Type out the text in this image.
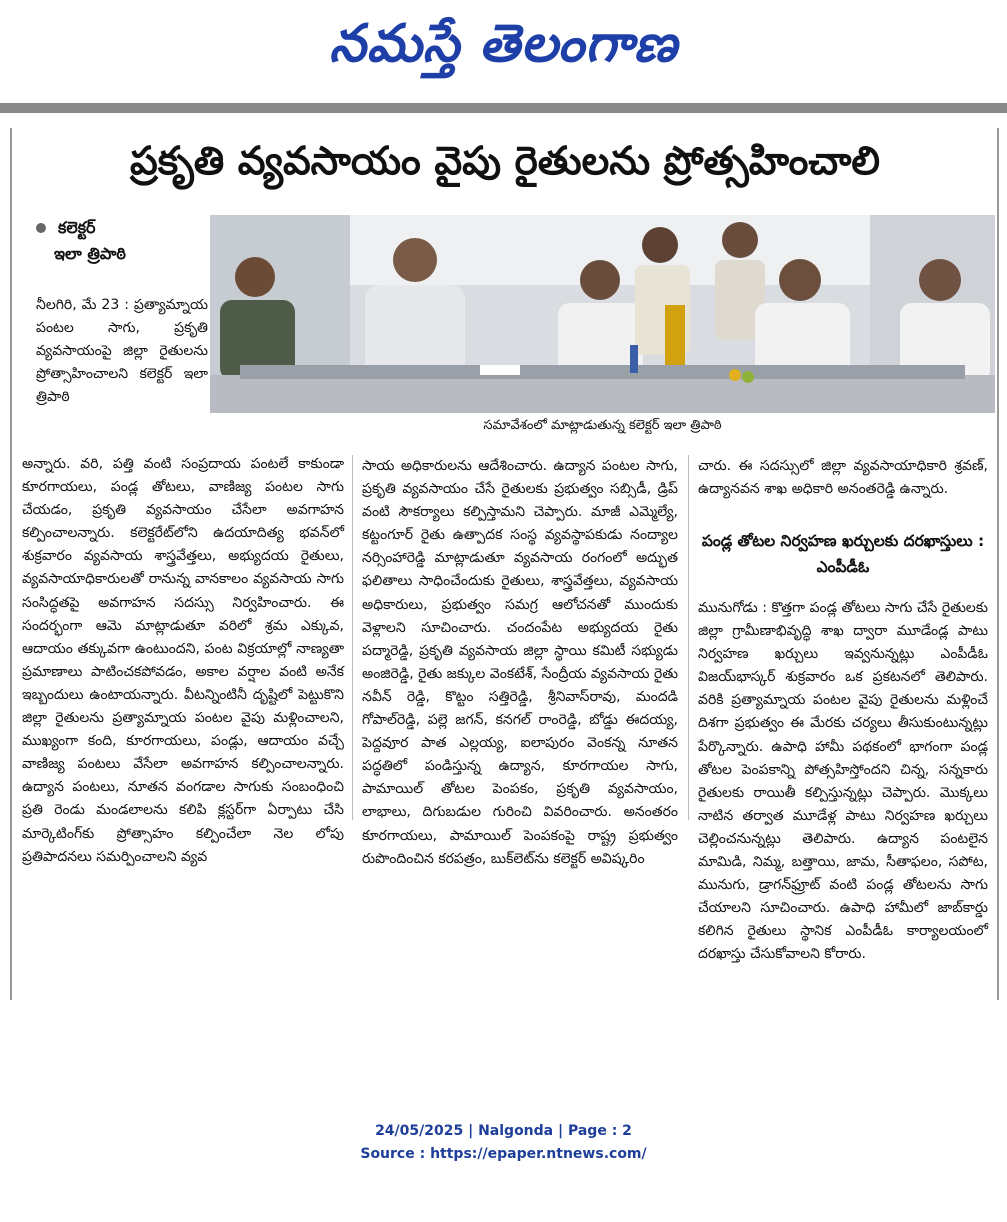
నమస్తే తెలంగాణ
ప్రకృతి వ్యవసాయం వైపు రైతులను ప్రోత్సహించాలి
కలెక్టర్
ఇలా త్రిపాఠి
సమావేశంలో మాట్లాడుతున్న కలెక్టర్ ఇలా త్రిపాఠి

నీలగిరి, మే 23 : ప్రత్యామ్నాయ పంటల సాగు, ప్రకృతి వ్యవసాయంపై జిల్లా రైతులను ప్రోత్సాహించాలని కలెక్టర్ ఇలా త్రిపాఠి

అన్నారు. వరి, పత్తి వంటి సంప్రదాయ పంటలే కాకుండా కూరగాయలు, పండ్ల తోటలు, వాణిజ్య పంటల సాగు చేయడం, ప్రకృతి వ్యవసాయం చేసేలా అవగాహన కల్పించాలన్నారు. కలెక్టరేట్‌లోని ఉదయాదిత్య భవన్‌లో శుక్రవారం వ్యవసాయ శాస్త్రవేత్తలు, అభ్యుదయ రైతులు, వ్యవసాయాధికారులతో రానున్న వానకాలం వ్యవసాయ సాగు సంసిద్ధతపై అవగాహన సదస్సు నిర్వహించారు. ఈ సందర్భంగా ఆమె మాట్లాడుతూ వరిలో శ్రమ ఎక్కువ, ఆదాయం తక్కువగా ఉంటుందని, పంట విక్రయాల్లో నాణ్యతా ప్రమాణాలు పాటించకపోవడం, అకాల వర్షాల వంటి అనేక ఇబ్బందులు ఉంటాయన్నారు. వీటన్నింటినీ దృష్టిలో పెట్టుకొని జిల్లా రైతులను ప్రత్యామ్నాయ పంటల వైపు మళ్లించాలని, ముఖ్యంగా కంది, కూరగాయలు, పండ్లు, ఆదాయం వచ్చే వాణిజ్య పంటలు వేసేలా అవగాహన కల్పించాలన్నారు. ఉద్యాన పంటలు, నూతన వంగడాల సాగుకు సంబంధించి ప్రతి రెండు మండలాలను కలిపి క్లస్టర్‌గా ఏర్పాటు చేసి మార్కెటింగ్‌కు ప్రోత్సాహం కల్పించేలా నెల లోపు ప్రతిపాదనలు సమర్పించాలని వ్యవ

సాయ అధికారులను ఆదేశించారు. ఉద్యాన పంటల సాగు, ప్రకృతి వ్యవసాయం చేసే రైతులకు ప్రభుత్వం సబ్సిడీ, డ్రిప్ వంటి సౌకర్యాలు కల్పిస్తామని చెప్పారు. మాజీ ఎమ్మెల్యే, కట్టంగూర్ రైతు ఉత్పాదక సంస్థ వ్యవస్థాపకుడు నంద్యాల నర్సింహారెడ్డి మాట్లాడుతూ వ్యవసాయ రంగంలో అద్భుత ఫలితాలు సాధించేందుకు రైతులు, శాస్త్రవేత్తలు, వ్యవసాయ అధికారులు, ప్రభుత్వం సమగ్ర ఆలోచనతో ముందుకు వెళ్లాలని సూచించారు. చందంపేట అభ్యుదయ రైతు పద్మారెడ్డి, ప్రకృతి వ్యవసాయ జిల్లా స్థాయి కమిటీ సభ్యుడు అంజిరెడ్డి, రైతు జక్కుల వెంకటేశ్, సేంద్రీయ వ్యవసాయ రైతు నవీన్ రెడ్డి, కొట్టం సత్తిరెడ్డి, శ్రీనివాస్‌రావు, మందడి గోపాల్‌రెడ్డి, పల్లె జగన్, కనగల్ రాంరెడ్డి, బోడ్డు ఈదయ్య, పెద్దవూర పాత ఎల్లయ్య, ఐలాపురం వెంకన్న నూతన పద్ధతిలో పండిస్తున్న ఉద్యాన, కూరగాయల సాగు, పామాయిల్ తోటల పెంపకం, ప్రకృతి వ్యవసాయం, లాభాలు, దిగుబడుల గురించి వివరించారు. అనంతరం కూరగాయలు, పామాయిల్ పెంపకంపై రాష్ట్ర ప్రభుత్వం రుపొందించిన కరపత్రం, బుక్‌లెట్‌ను కలెక్టర్ అవిష్కరిం

చారు. ఈ సదస్సులో జిల్లా వ్యవసాయాధికారి శ్రవణ్, ఉద్యానవన శాఖ అధికారి అనంతరెడ్డి ఉన్నారు.

పండ్ల తోటల నిర్వహణ ఖర్చులకు దరఖాస్తులు : ఎంపీడీఓ

మునుగోడు : కొత్తగా పండ్ల తోటలు సాగు చేసే రైతులకు జిల్లా గ్రామీణాభివృద్ధి శాఖ ద్వారా మూడేండ్ల పాటు నిర్వహణ ఖర్చులు ఇవ్వనున్నట్లు ఎంపీడీఓ విజయ్‌భాస్కర్ శుక్రవారం ఒక ప్రకటనలో తెలిపారు. వరికి ప్రత్యామ్నాయ పంటల వైపు రైతులను మళ్లించే దిశగా ప్రభుత్వం ఈ మేరకు చర్యలు తీసుకుంటున్నట్లు పేర్కొన్నారు. ఉపాధి హామీ పథకంలో భాగంగా పండ్ల తోటల పెంపకాన్ని పోత్సహిస్తోందని చిన్న, సన్నకారు రైతులకు రాయితీ కల్పిస్తున్నట్లు చెప్పారు. మొక్కలు నాటిన తర్వాత మూడేళ్ల పాటు నిర్వహణ ఖర్చులు చెల్లించనున్నట్లు తెలిపారు. ఉద్యాన పంటలైన మామిడి, నిమ్మ, బత్తాయి, జామ, సీతాఫలం, సపోట, మునుగు, డ్రాగన్‌ఫ్రూట్ వంటి పండ్ల తోటలను సాగు చేయాలని సూచించారు. ఉపాధి హామీలో జాబ్‌కార్డు కలిగిన రైతులు స్థానిక ఎంపీడీఓ కార్యాలయంలో దరఖాస్తు చేసుకోవాలని కోరారు.

24/05/2025 | Nalgonda | Page : 2
Source : https://epaper.ntnews.com/
